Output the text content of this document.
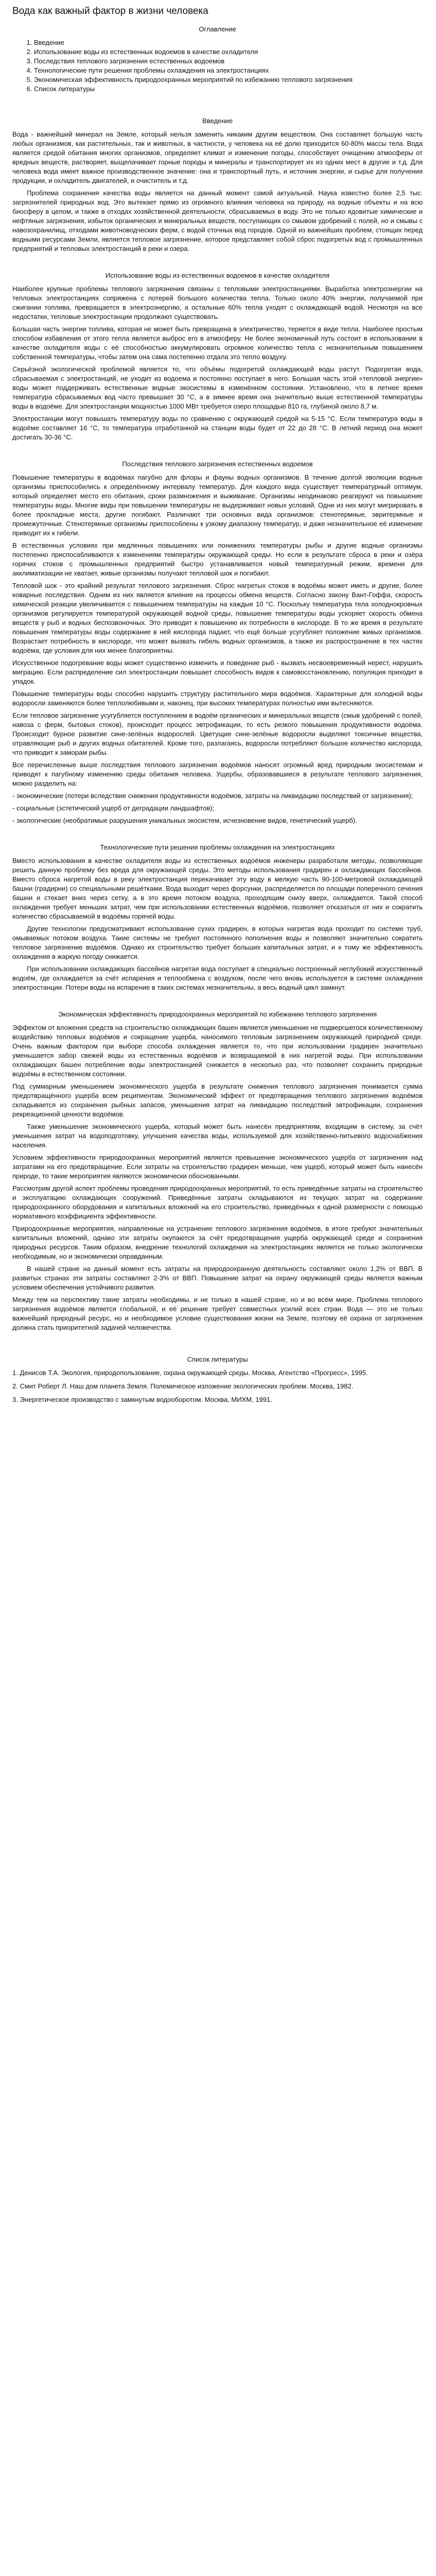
Вода как важный фактор в жизни человека
Оглавление
1. Введение
2. Использование воды из естественных водоемов в качестве охладителя
3. Последствия теплового загрязнения естественных водоемов
4. Технологические пути решения проблемы охлаждения на электростанциях
5. Экономическая эффективность природоохранных мероприятий по избежанию теплового загрязнения
6. Список литературы
Введение

Вода - важнейший минерал на Земле, который нельзя заменить никаким другим веществом. Она составляет большую часть любых организмов, как растительных, так и животных, в частности, у человека на её долю приходится 60-80% массы тела. Вода является средой обитания многих организмов, определяет климат и изменение погоды, способствует очищению атмосферы от вредных веществ, растворяет, выщелачивает горные породы и минералы и транспортирует их из одних мест в другие и т.д. Для человека вода имеет важное производственное значение: она и транспортный путь, и источник энергии, и сырье для получения продукции, и охладитель двигателей, и очиститель и т.д.

Проблема сохранения качества воды является на данный момент самой актуальной. Наука известно более 2,5 тыс. загрязнителей природных вод. Это вытекает прямо из огромного влияния человека на природу, на водные объекты и на всю биосферу в целом, и также в отходах хозяйственной деятельности, сбрасываемых в воду. Это не только ядовитые химические и нефтяные загрязнения, избыток органических и минеральных веществ, поступающих со смывом удобрений с полей, но и смывы с навозохранилищ, отходами животноводческих ферм, с водой сточных вод городов. Одной из важнейших проблем, стоящих перед водными ресурсами Земли, является тепловое загрязнение, которое представляет собой сброс подогретых вод с промышленных предприятий и тепловых электростанций в реки и озера.

Использование воды из естественных водоемов в качестве охладителя

Наиболее крупные проблемы теплового загрязнения связаны с тепловыми электростанциями. Выработка электроэнергии на тепловых электростанциях сопряжена с потерей большого количества тепла. Только около 40% энергии, получаемой при сжигании топлива, превращается в электроэнергию, а остальные 60% тепла уходят с охлаждающей водой. Несмотря на все недостатки, тепловые электростанции продолжают существовать.

Большая часть энергии топлива, которая не может быть превращена в электричество, теряется в виде тепла. Наиболее простым способом избавления от этого тепла является выброс его в атмосферу. Не более экономичный путь состоит в использовании в качестве охладителя воды с её способностью аккумулировать огромное количество тепла с незначительным повышением собственной температуры, чтобы затем она сама постепенно отдала это тепло воздуху.

Серьёзной экологической проблемой является то, что объёмы подогретой охлаждающей воды растут. Подогретая вода, сбрасываемая с электростанций, не уходит из водоема и постоянно поступает в него. Большая часть этой «тепловой энергии» воды может поддерживать естественные водные экосистемы в изменённом состоянии. Установлено, что в летнее время температура сбрасываемых вод часто превышает 30 °С, а в зимнее время она значительно выше естественной температуры воды в водоёме. Для электростанции мощностью 1000 МВт требуется озеро площадью 810 га, глубиной около 8,7 м.

Электростанции могут повышать температуру воды по сравнению с окружающей средой на 5-15 °С. Если температура воды в водоёме составляет 16 °С, то температура отработанной на станции воды будет от 22 до 28 °С. В летний период она может достигать 30-36 °С.

Последствия теплового загрязнения естественных водоемов

Повышение температуры в водоёмах пагубно для флоры и фауны водных организмов. В течение долгой эволюции водные организмы приспособились к определённому интервалу температур. Для каждого вида существует температурный оптимум, который определяет место его обитания, сроки размножения и выживание. Организмы неодинаково реагируют на повышение температуры воды. Многие виды при повышении температуры не выдерживают новых условий. Одни из них могут мигрировать в более прохладные места, другие погибают. Различают три основных вида организмов: стенотермные, эвритермные и промежуточные. Стенотермные организмы приспособлены к узкому диапазону температур, и даже незначительное её изменение приводит их к гибели.

В естественных условиях при медленных повышениях или понижениях температуры рыбы и другие водные организмы постепенно приспосабливаются к изменениям температуры окружающей среды. Но если в результате сброса в реки и озёра горячих стоков с промышленных предприятий быстро устанавливается новый температурный режим, времени для акклиматизации не хватает, живые организмы получают тепловой шок и погибают.

Тепловой шок - это крайний результат теплового загрязнения. Сброс нагретых стоков в водоёмы может иметь и другие, более коварные последствия. Одним из них является влияние на процессы обмена веществ. Согласно закону Вант-Гоффа, скорость химической реакции увеличивается с повышением температуры на каждые 10 °С. Поскольку температура тела холоднокровных организмов регулируется температурой окружающей водной среды, повышение температуры воды ускоряет скорость обмена веществ у рыб и водных беспозвоночных. Это приводит к повышению их потребности в кислороде. В то же время в результате повышения температуры воды содержание в ней кислорода падает, что ещё больше усугубляет положение живых организмов. Возрастает потребность в кислороде, что может вызвать гибель водных организмов, а также их распространение в тех частях водоёма, где условия для них менее благоприятны.

Искусственное подогревание воды может существенно изменить и поведение рыб - вызвать несвоевременный нерест, нарушить миграцию. Если распределение сил электростанции повышает способность видов к самовосстановлению, популяция приходит в упадок.

Повышение температуры воды способно нарушить структуру растительного мира водоёмов. Характерные для холодной воды водоросли заменяются более теплолюбивыми и, наконец, при высоких температурах полностью ими вытесняются.

Если тепловое загрязнение усугубляется поступлением в водоём органических и минеральных веществ (смыв удобрений с полей, навоза с ферм, бытовых стоков), происходит процесс эвтрофикации, то есть резкого повышения продуктивности водоёма. Происходит бурное развитие сине-зелёных водорослей. Цветущие сине-зелёные водоросли выделяют токсичные вещества, отравляющие рыб и других водных обитателей. Кроме того, разлагаясь, водоросли потребляют большое количество кислорода, что приводит к заморам рыбы.

Все перечисленные выше последствия теплового загрязнения водоёмов наносят огромный вред природным экосистемам и приводят к пагубному изменению среды обитания человека. Ущербы, образовавшиеся в результате теплового загрязнения, можно разделить на:

- экономические (потери вследствие снижения продуктивности водоёмов, затраты на ликвидацию последствий от загрязнения);

- социальные (эстетический ущерб от деградации ландшафтов);

- экологические (необратимые разрушения уникальных экосистем, исчезновение видов, генетический ущерб).

Технологические пути решения проблемы охлаждения на электростанциях

Вместо использования в качестве охладителя воды из естественных водоёмов инженеры разработали методы, позволяющие решить данную проблему без вреда для окружающей среды. Это методы использования градирен и охлаждающих бассейнов. Вместо сброса нагретой воды в реку электростанция перекачивает эту воду в мелкую часть 90-100-метровой охлаждающей башни (градирни) со специальными решётками. Вода выходит через форсунки, распределяется по площади поперечного сечения башни и стекает вниз через сетку, а в это время потоком воздуха, проходящим снизу вверх, охлаждается. Такой способ охлаждения требует меньших затрат, чем при использовании естественных водоёмов, позволяет отказаться от них и сократить количество сбрасываемой в водоёмы горячей воды.

Другие технологии предусматривают использование сухих градирен, в которых нагретая вода проходит по системе труб, омываемых потоком воздуха. Такие системы не требуют постоянного пополнения воды и позволяют значительно сократить тепловое загрязнение водоёмов. Однако их строительство требует больших капитальных затрат, и к тому же эффективность охлаждения в жаркую погоду снижается.

При использовании охлаждающих бассейнов нагретая вода поступает в специально построенный неглубокий искусственный водоём, где охлаждается за счёт испарения и теплообмена с воздухом, после чего вновь используется в системе охлаждения электростанции. Потери воды на испарение в таких системах незначительны, а весь водный цикл замкнут.

Экономическая эффективность природоохранных мероприятий по избежанию теплового загрязнения

Эффектом от вложения средств на строительство охлаждающих башен является уменьшение не подвергшегося количественному воздействию тепловых водоёмов и сокращение ущерба, наносимого тепловым загрязнением окружающей природной среде. Очень важным фактором при выборе способа охлаждения является то, что при использовании градирен значительно уменьшается забор свежей воды из естественных водоёмов и возвращаемой в них нагретой воды. При использовании охлаждающих башен потребление воды электростанцией снижается в несколько раз, что позволяет сохранить природные водоёмы в естественном состоянии.

Под суммарным уменьшением экономического ущерба в результате снижения теплового загрязнения понимается сумма предотвращённого ущерба всем реципиентам. Экономический эффект от предотвращения теплового загрязнения водоёмов складывается из сохранения рыбных запасов, уменьшения затрат на ликвидацию последствий эвтрофикации, сохранения рекреационной ценности водоёмов.

Также уменьшение экономического ущерба, который может быть нанесён предприятиям, входящим в систему, за счёт уменьшения затрат на водоподготовку, улучшения качества воды, используемой для хозяйственно-питьевого водоснабжения населения.

Условием эффективности природоохранных мероприятий является превышение экономического ущерба от загрязнения над затратами на его предотвращение. Если затраты на строительство градирен меньше, чем ущерб, который может быть нанесён природе, то такие мероприятия являются экономически обоснованными.

Рассмотрим другой аспект проблемы проведения природоохранных мероприятий, то есть приведённые затраты на строительство и эксплуатацию охлаждающих сооружений. Приведённые затраты складываются из текущих затрат на содержание природоохранного оборудования и капитальных вложений на его строительство, приведённых к одной размерности с помощью нормативного коэффициента эффективности.

Природоохранные мероприятия, направленные на устранение теплового загрязнения водоёмов, в итоге требуют значительных капитальных вложений, однако эти затраты окупаются за счёт предотвращения ущерба окружающей среде и сохранения природных ресурсов. Таким образом, внедрение технологий охлаждения на электростанциях является не только экологически необходимым, но и экономически оправданным.

В нашей стране на данный момент есть затраты на природоохранную деятельность составляют около 1,2% от ВВП. В развитых странах эти затраты составляют 2-3% от ВВП. Повышение затрат на охрану окружающей среды является важным условием обеспечения устойчивого развития.

Между тем на перспективу такие затраты необходимы, и не только в нашей стране, но и во всём мире. Проблема теплового загрязнения водоёмов является глобальной, и её решение требует совместных усилий всех стран. Вода — это не только важнейший природный ресурс, но и необходимое условие существования жизни на Земле, поэтому её охрана от загрязнения должна стать приоритетной задачей человечества.

Список литературы

1. Денисов Т.А. Экология, природопользование, охрана окружающей среды. Москва, Агентство «Прогресс», 1995.

2. Смит Роберт Л. Наш дом планета Земля. Полемическое изложение экологических проблем. Москва, 1982.

3. Энергетическое производство с замкнутым водооборотом. Москва, МИХМ, 1991.
